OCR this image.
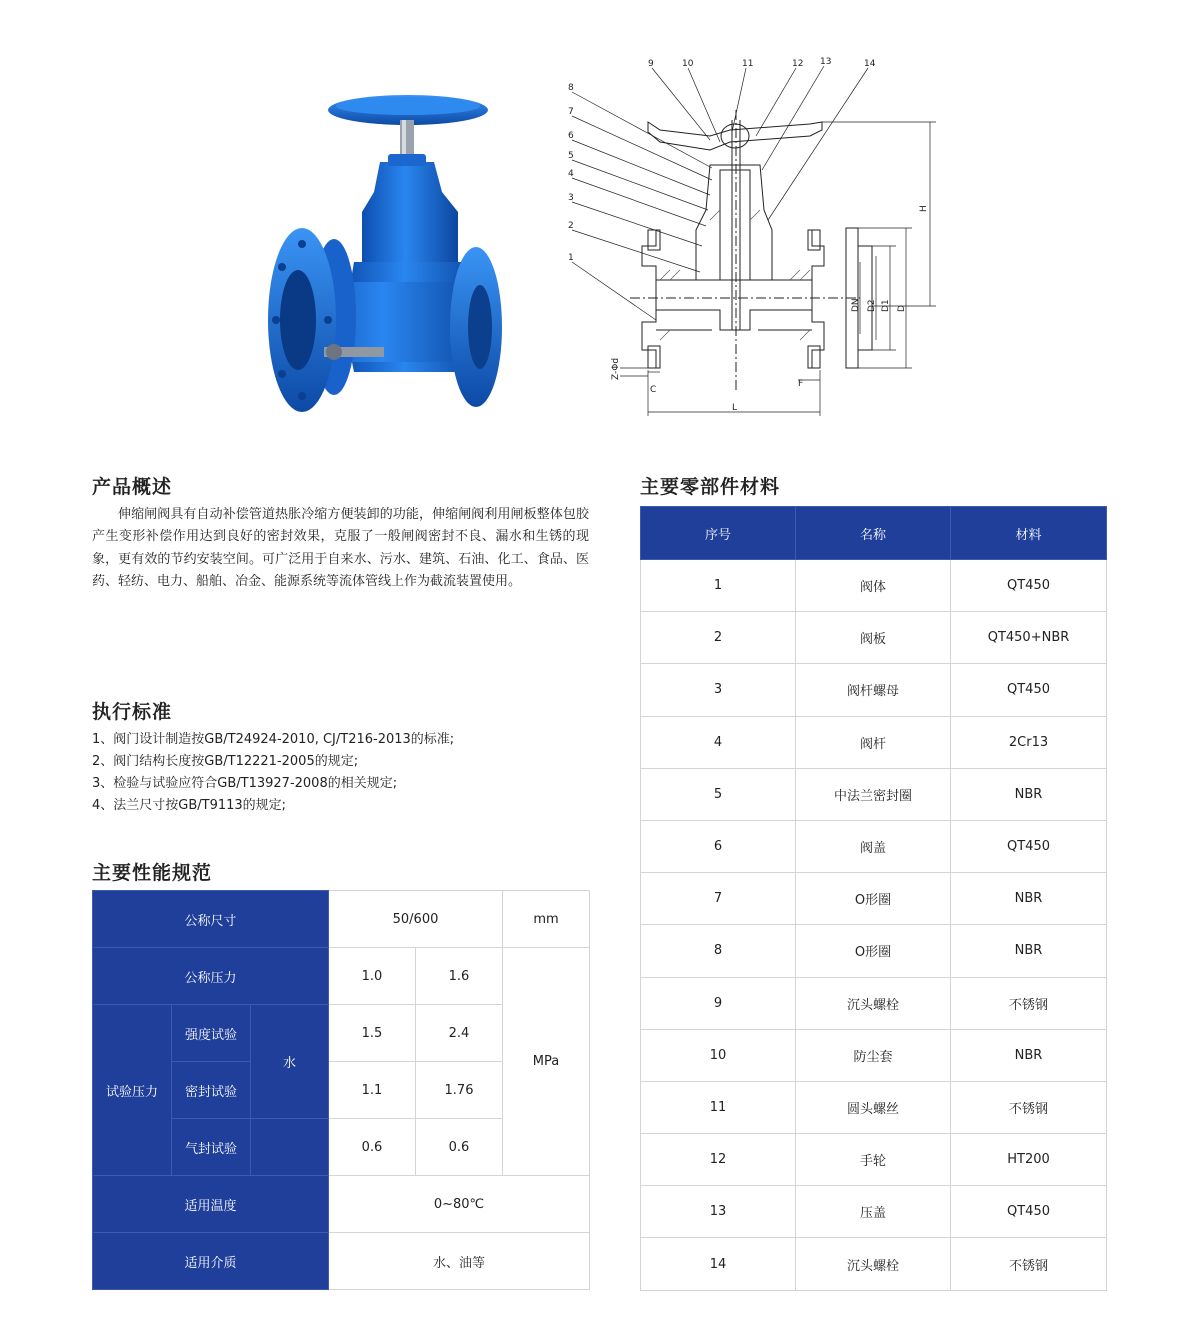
9	10	11	12 13	14
8
7
6
5
4
3
2
1
H
DN D2 D1 D
Z-Φd
C
F
L
产品概述
伸缩闸阀具有自动补偿管道热胀冷缩方便装卸的功能，伸缩闸阀利用闸板整体包胶产生变形补偿作用达到良好的密封效果，克服了一般闸阀密封不良、漏水和生锈的现象，更有效的节约安装空间。可广泛用于自来水、污水、建筑、石油、化工、食品、医药、轻纺、电力、船舶、冶金、能源系统等流体管线上作为截流装置使用。
执行标准
1、阀门设计制造按GB/T24924-2010, CJ/T216-2013的标准;
2、阀门结构长度按GB/T12221-2005的规定;
3、检验与试验应符合GB/T13927-2008的相关规定;
4、法兰尺寸按GB/T9113的规定;
主要性能规范
公称尺寸			50/600		mm
公称压力			1.0	1.6	MPa
试验压力	强度试验	水	1.5	2.4	
	密封试验		1.1	1.76	
	气封试验		0.6	0.6	
适用温度			0~80℃		
适用介质			水、油等		
主要零部件材料
序号	名称	材料
1	阀体	QT450
2	阀板	QT450+NBR
3	阀杆螺母	QT450
4	阀杆	2Cr13
5	中法兰密封圈	NBR
6	阀盖	QT450
7	O形圈	NBR
8	O形圈	NBR
9	沉头螺栓	不锈钢
10	防尘套	NBR
11	圆头螺丝	不锈钢
12	手轮	HT200
13	压盖	QT450
14	沉头螺栓	不锈钢
